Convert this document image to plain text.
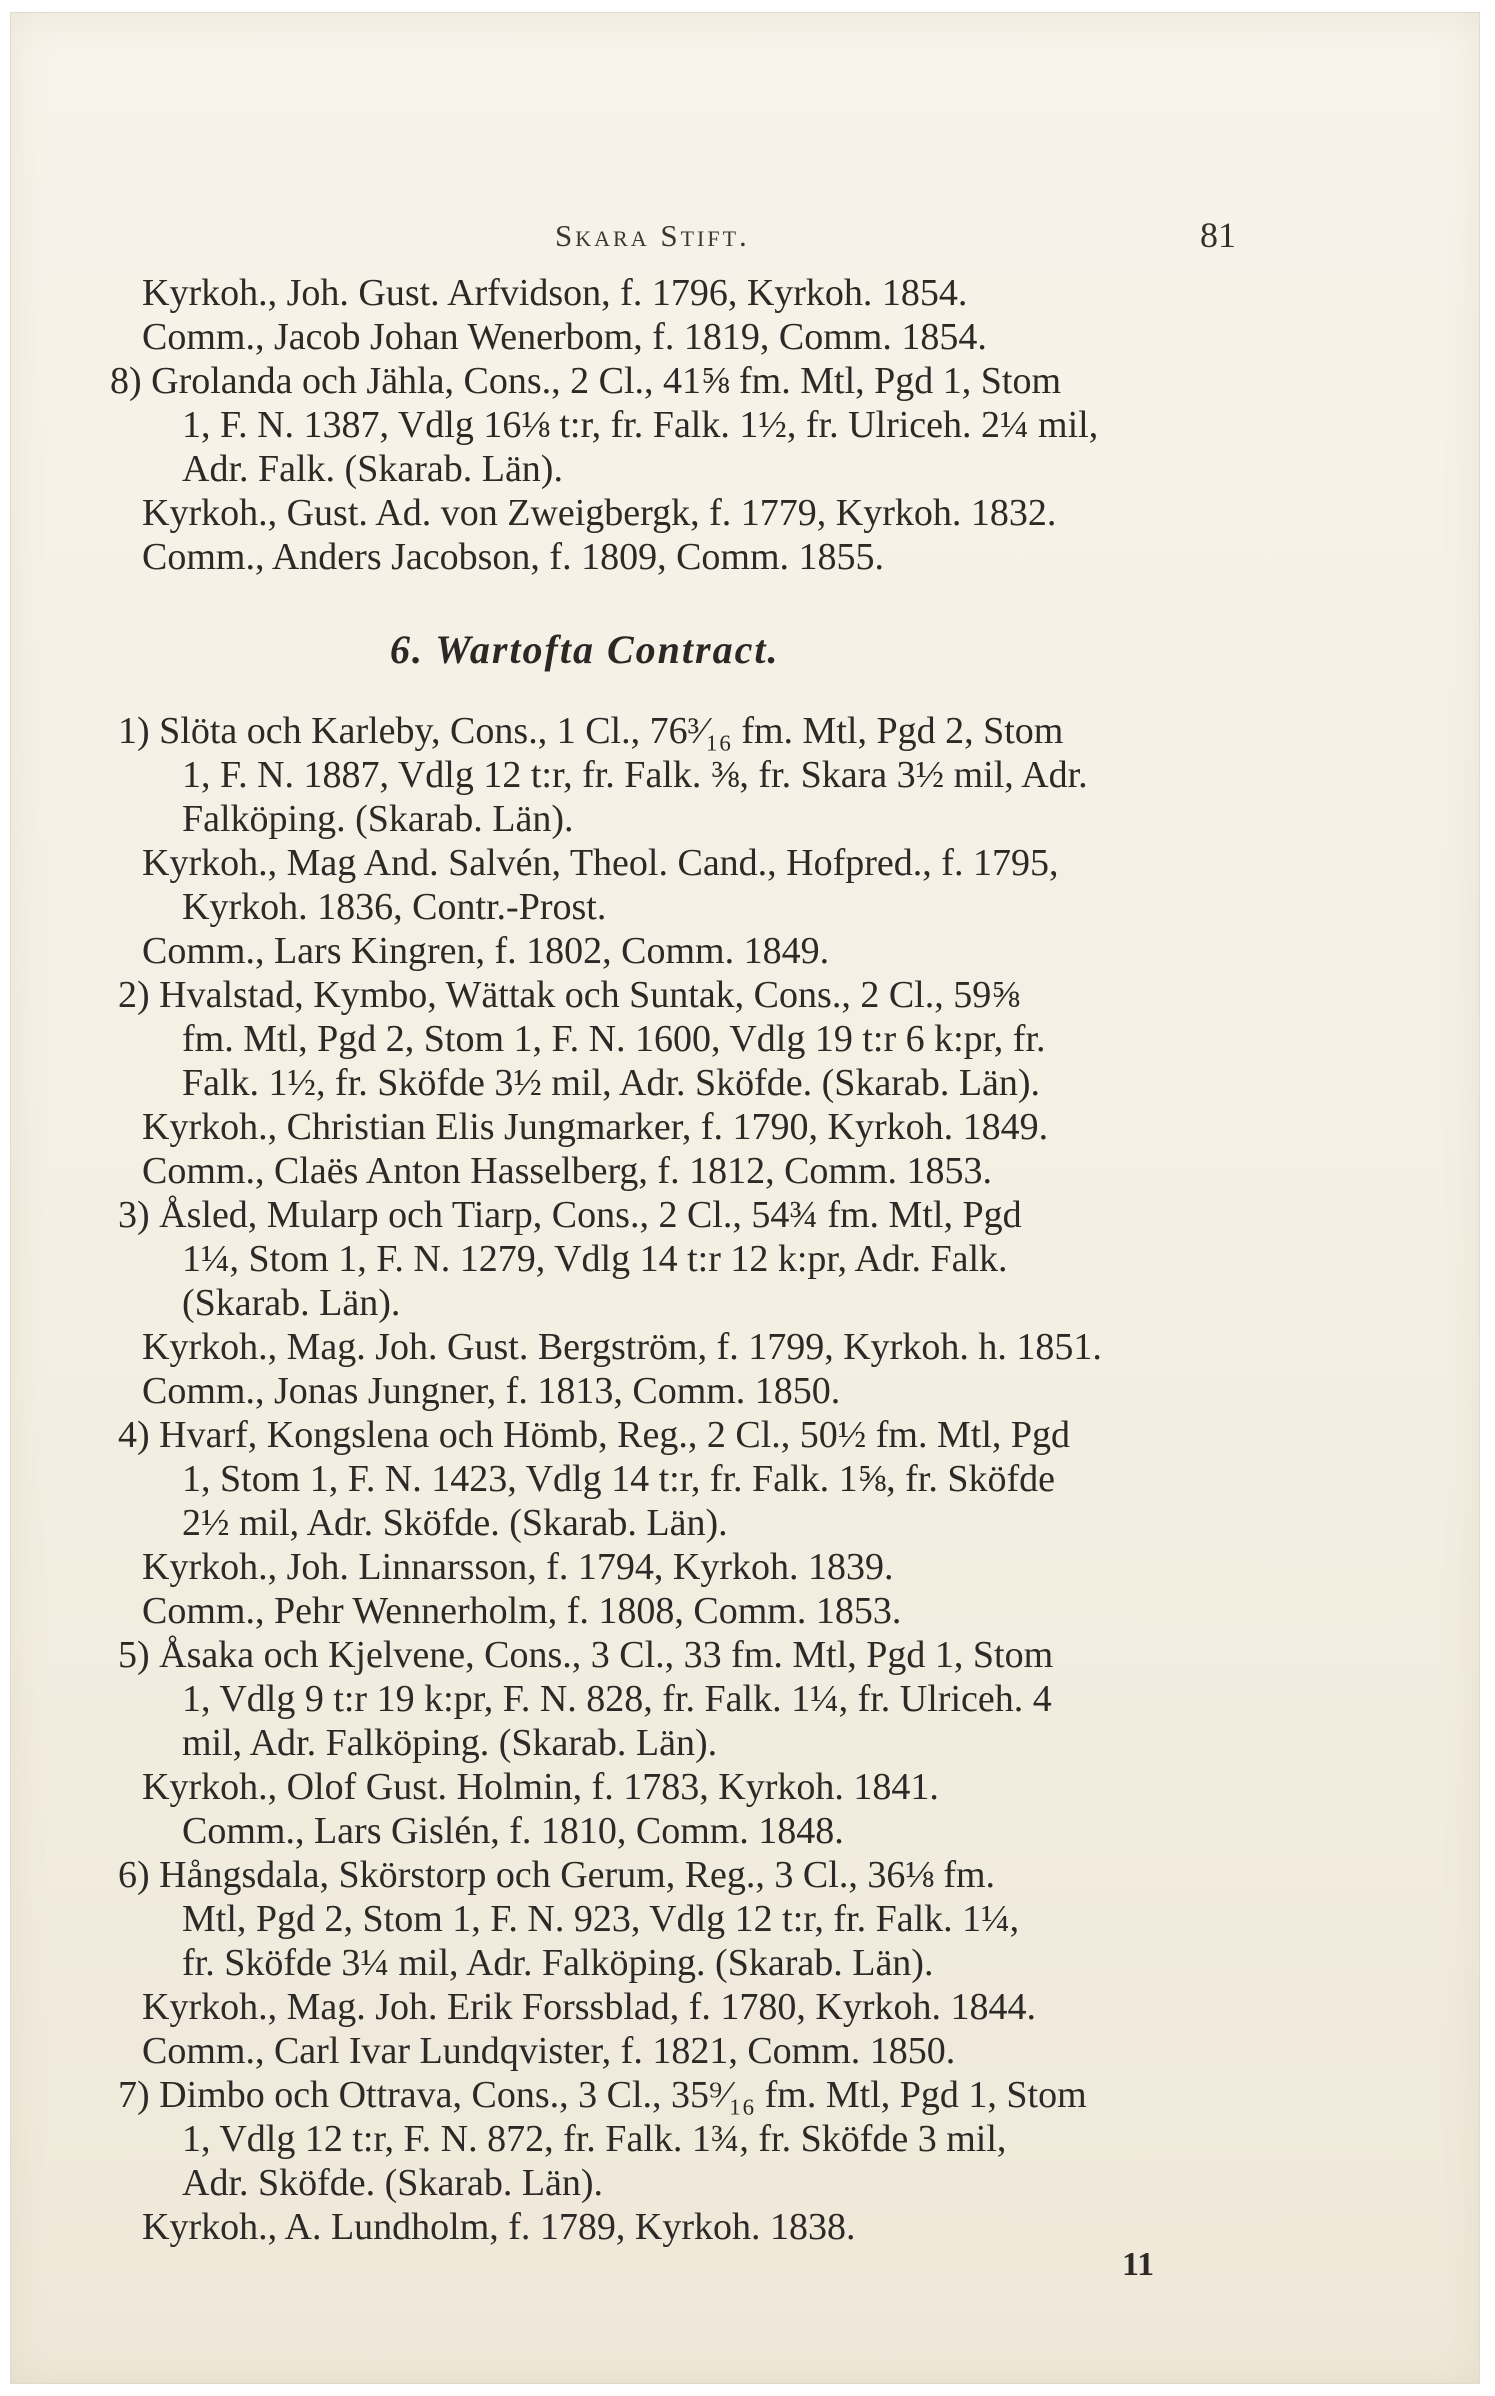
Skara Stift.	81
Kyrkoh., Joh. Gust. Arfvidson, f. 1796, Kyrkoh. 1854.
Comm., Jacob Johan Wenerbom, f. 1819, Comm. 1854.
8) Grolanda och Jähla, Cons., 2 Cl., 41⅝ fm. Mtl, Pgd 1, Stom
1, F. N. 1387, Vdlg 16⅛ t:r, fr. Falk. 1½, fr. Ulriceh. 2¼ mil,
Adr. Falk. (Skarab. Län).
Kyrkoh., Gust. Ad. von Zweigbergk, f. 1779, Kyrkoh. 1832.
Comm., Anders Jacobson, f. 1809, Comm. 1855.
6. Wartofta Contract.
1) Slöta och Karleby, Cons., 1 Cl., 76³⁄₁₆ fm. Mtl, Pgd 2, Stom
1, F. N. 1887, Vdlg 12 t:r, fr. Falk. ⅜, fr. Skara 3½ mil, Adr.
Falköping. (Skarab. Län).
Kyrkoh., Mag And. Salvén, Theol. Cand., Hofpred., f. 1795,
Kyrkoh. 1836, Contr.-Prost.
Comm., Lars Kingren, f. 1802, Comm. 1849.
2) Hvalstad, Kymbo, Wättak och Suntak, Cons., 2 Cl., 59⅝
fm. Mtl, Pgd 2, Stom 1, F. N. 1600, Vdlg 19 t:r 6 k:pr, fr.
Falk. 1½, fr. Sköfde 3½ mil, Adr. Sköfde. (Skarab. Län).
Kyrkoh., Christian Elis Jungmarker, f. 1790, Kyrkoh. 1849.
Comm., Claës Anton Hasselberg, f. 1812, Comm. 1853.
3) Åsled, Mularp och Tiarp, Cons., 2 Cl., 54¾ fm. Mtl, Pgd
1¼, Stom 1, F. N. 1279, Vdlg 14 t:r 12 k:pr, Adr. Falk.
(Skarab. Län).
Kyrkoh., Mag. Joh. Gust. Bergström, f. 1799, Kyrkoh. h. 1851.
Comm., Jonas Jungner, f. 1813, Comm. 1850.
4) Hvarf, Kongslena och Hömb, Reg., 2 Cl., 50½ fm. Mtl, Pgd
1, Stom 1, F. N. 1423, Vdlg 14 t:r, fr. Falk. 1⅝, fr. Sköfde
2½ mil, Adr. Sköfde. (Skarab. Län).
Kyrkoh., Joh. Linnarsson, f. 1794, Kyrkoh. 1839.
Comm., Pehr Wennerholm, f. 1808, Comm. 1853.
5) Åsaka och Kjelvene, Cons., 3 Cl., 33 fm. Mtl, Pgd 1, Stom
1, Vdlg 9 t:r 19 k:pr, F. N. 828, fr. Falk. 1¼, fr. Ulriceh. 4
mil, Adr. Falköping. (Skarab. Län).
Kyrkoh., Olof Gust. Holmin, f. 1783, Kyrkoh. 1841.
Comm., Lars Gislén, f. 1810, Comm. 1848.
6) Hångsdala, Skörstorp och Gerum, Reg., 3 Cl., 36⅛ fm.
Mtl, Pgd 2, Stom 1, F. N. 923, Vdlg 12 t:r, fr. Falk. 1¼,
fr. Sköfde 3¼ mil, Adr. Falköping. (Skarab. Län).
Kyrkoh., Mag. Joh. Erik Forssblad, f. 1780, Kyrkoh. 1844.
Comm., Carl Ivar Lundqvister, f. 1821, Comm. 1850.
7) Dimbo och Ottrava, Cons., 3 Cl., 35⁹⁄₁₆ fm. Mtl, Pgd 1, Stom
1, Vdlg 12 t:r, F. N. 872, fr. Falk. 1¾, fr. Sköfde 3 mil,
Adr. Sköfde. (Skarab. Län).
Kyrkoh., A. Lundholm, f. 1789, Kyrkoh. 1838.
11
